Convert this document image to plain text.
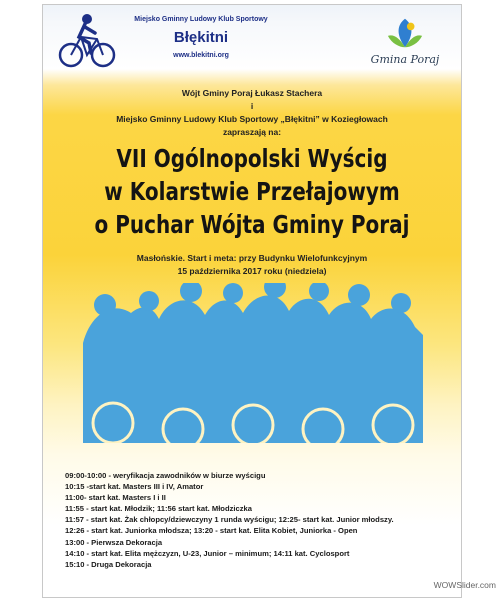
Miejsko Gminny Ludowy Klub Sportowy
Błękitni
www.blekitni.org	Gmina Poraj
Wójt Gminy Poraj Łukasz Stachera
i
Miejsko Gminny Ludowy Klub Sportowy „Błękitni” w Koziegłowach
zapraszają na:
VII Ogólnopolski Wyścig
w Kolarstwie Przełajowym
o Puchar Wójta Gminy Poraj
Masłońskie. Start i meta: przy Budynku Wielofunkcyjnym
15 października 2017 roku (niedziela)
09:00-10:00 - weryfikacja zawodników w biurze wyścigu
10:15 -start kat. Masters III i IV, Amator
11:00- start kat. Masters I i II
11:55 - start kat. Młodzik; 11:56 start kat. Młodziczka
11:57 - start kat. Żak chłopcy/dziewczyny 1 runda wyścigu; 12:25- start kat. Junior młodszy.
12:26 - start kat. Juniorka młodsza; 13:20 - start kat. Elita Kobiet, Juniorka - Open
13:00 - Pierwsza Dekoracja
14:10 - start kat. Elita mężczyzn, U-23, Junior – minimum; 14:11 kat. Cyclosport
15:10 - Druga Dekoracja
WOWSlider.com
